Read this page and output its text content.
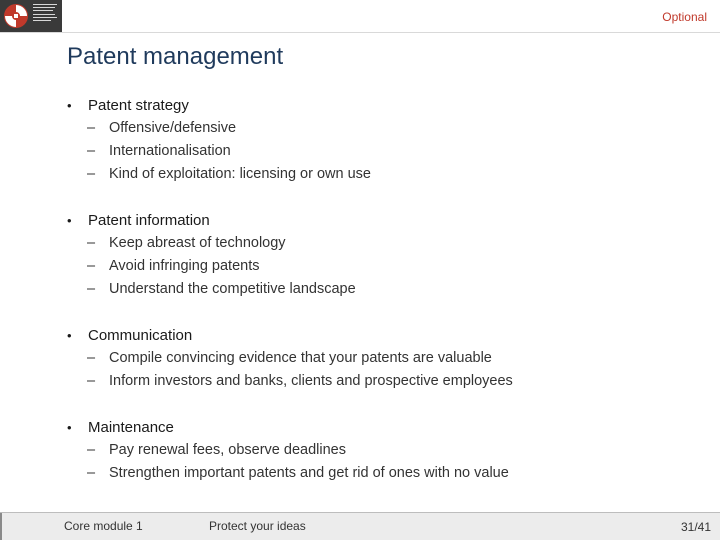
Optional
Patent management
• Patent strategy
– Offensive/defensive
– Internationalisation
– Kind of exploitation: licensing or own use
• Patent information
– Keep abreast of technology
– Avoid infringing patents
– Understand the competitive landscape
• Communication
– Compile convincing evidence that your patents are valuable
– Inform investors and banks, clients and prospective employees
• Maintenance
– Pay renewal fees, observe deadlines
– Strengthen important patents and get rid of ones with no value
Core module 1	Protect your ideas	31/41
